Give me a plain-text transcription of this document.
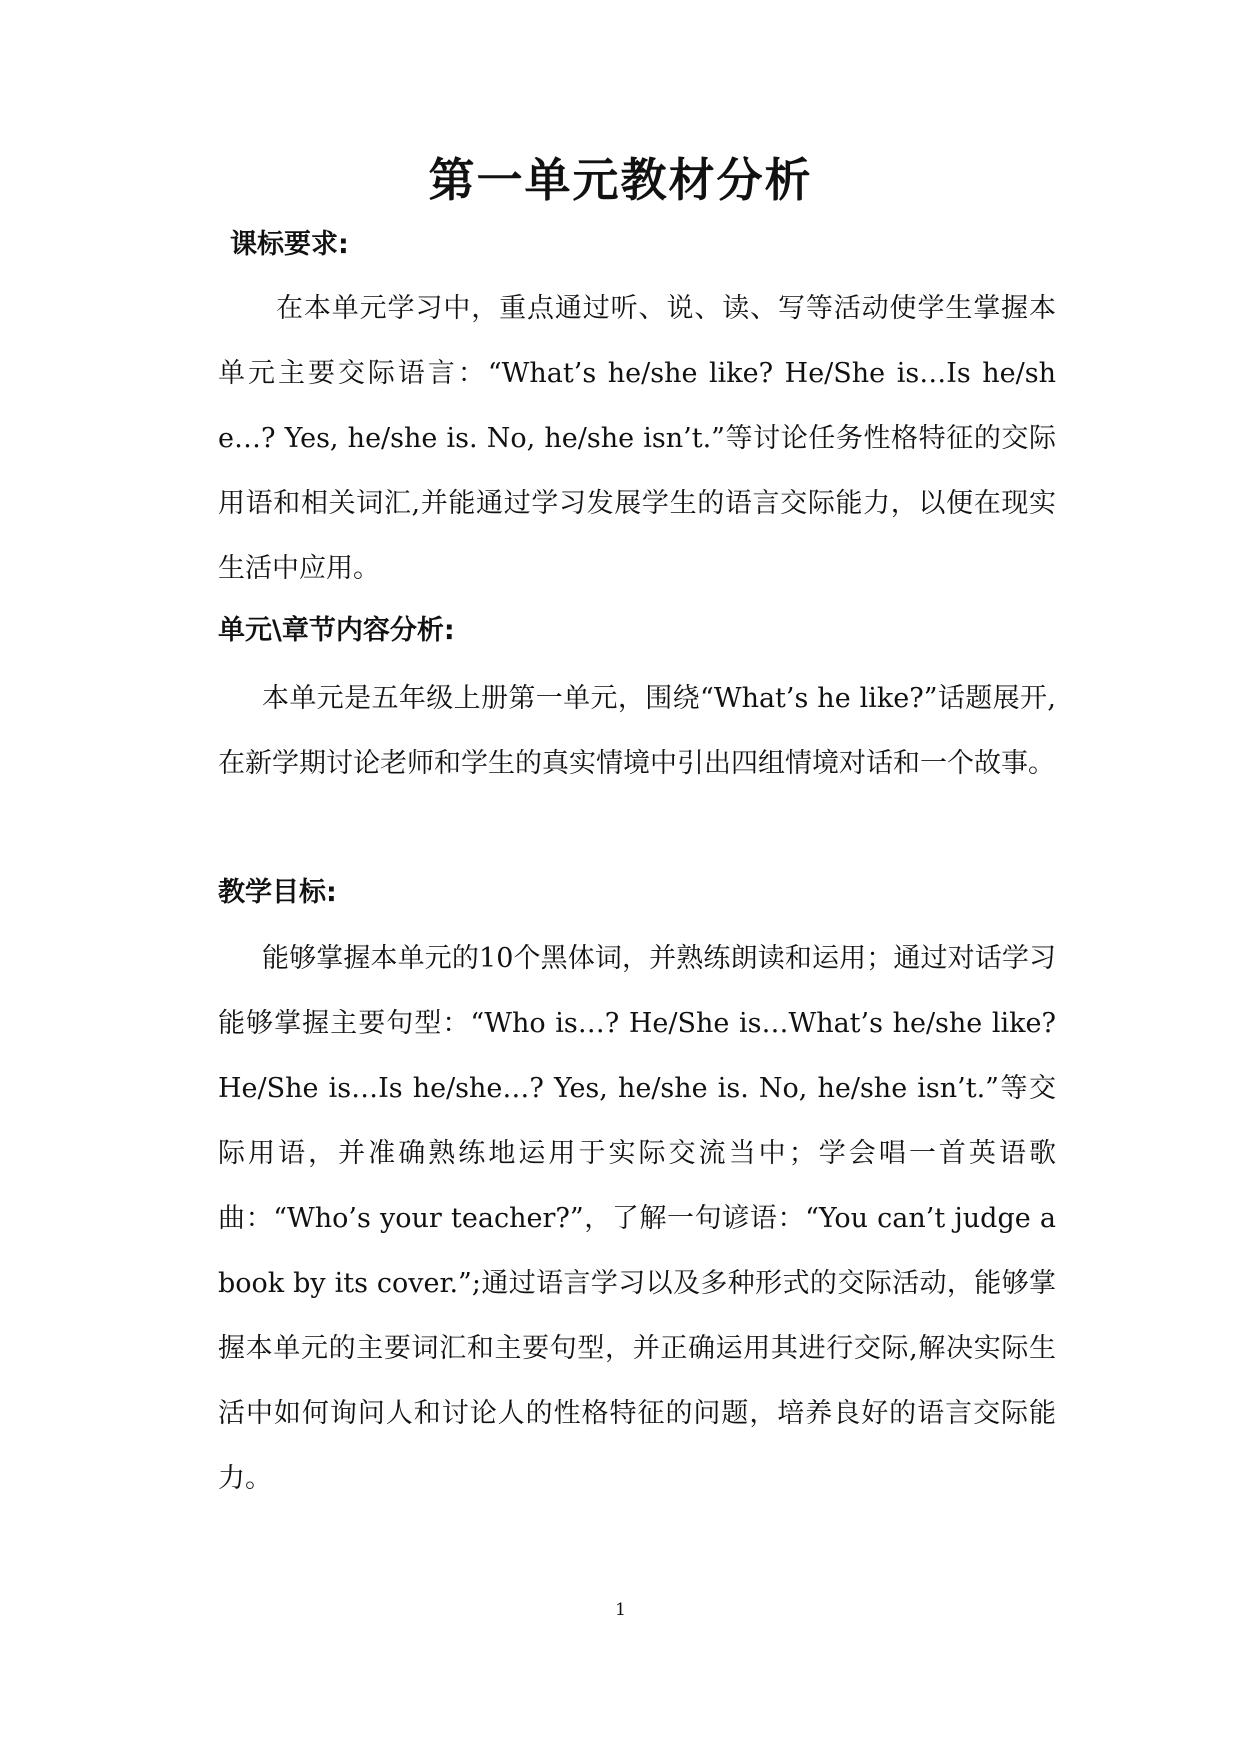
第一单元教材分析
课标要求:

在本单元学习中，重点通过听、说、读、写等活动使学生掌握本单元主要交际语言：“What’s he/she like? He/She is…Is he/she…? Yes, he/she is. No, he/she isn’t.”等讨论任务性格特征的交际用语和相关词汇,并能通过学习发展学生的语言交际能力，以便在现实生活中应用。

单元\章节内容分析:

本单元是五年级上册第一单元，围绕“What’s he like?”话题展开,在新学期讨论老师和学生的真实情境中引出四组情境对话和一个故事。

教学目标:

能够掌握本单元的10个黑体词，并熟练朗读和运用；通过对话学习能够掌握主要句型：“Who is…? He/She is…What’s he/she like? He/She is…Is he/she…? Yes, he/she is. No, he/she isn’t.”等交际用语，并准确熟练地运用于实际交流当中；学会唱一首英语歌曲：“Who’s your teacher?”，了解一句谚语：“You can’t judge a book by its cover.”;通过语言学习以及多种形式的交际活动，能够掌握本单元的主要词汇和主要句型，并正确运用其进行交际,解决实际生活中如何询问人和讨论人的性格特征的问题，培养良好的语言交际能力。

1
